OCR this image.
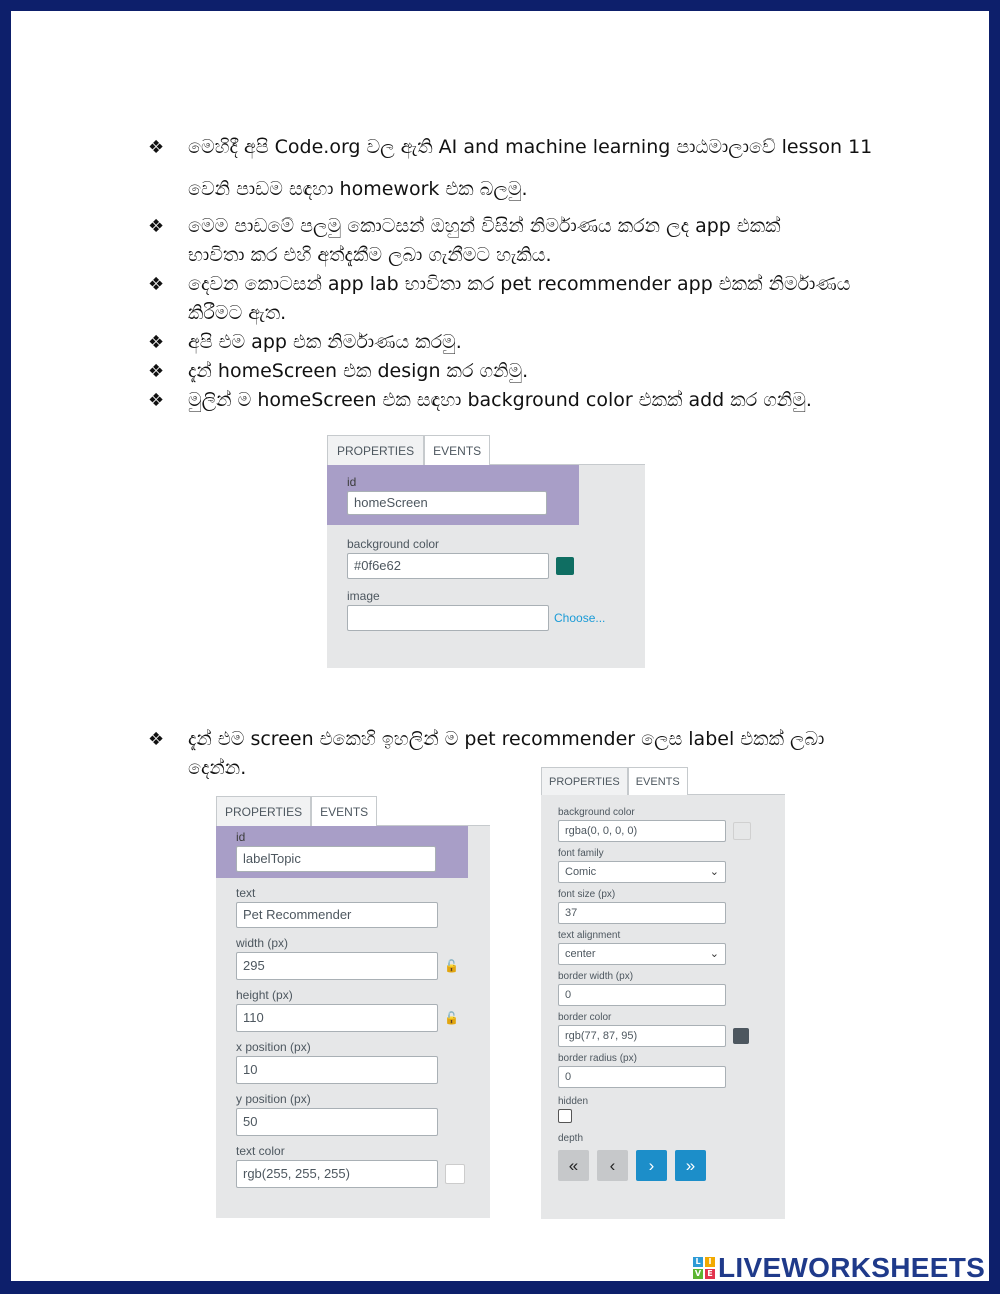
❖ මෙහිදී අපි Code.org වල ඇති AI and machine learning පාඨමාලාවේ lesson 11
වෙනි පාඩම සඳහා homework එක බලමු.
❖ මෙම පාඩමේ පලමු කොටසන් ඔහුන් විසින් නිර්මාණය කරන ලද app එකක්
භාවිතා කර එහි අත්දැකීම ලබා ගැනීමට හැකිය.
❖ දෙවන කොටසන් app lab භාවිතා කර pet recommender app එකක් නිර්මාණය
කිරීමට ඇත.
❖ අපි එම app එක නිර්මාණය කරමු.
❖ දැන් homeScreen එක design කර ගනිමු.
❖ මුලින් ම homeScreen එක සඳහා background color එකක් add කර ගනිමු.
PROPERTIES	EVENTS
id
homeScreen
background color
#0f6e62
image
Choose...
❖ දැන් එම screen එකෙහි ඉහලින් ම pet recommender ලෙස label එකක් ලබා
දෙන්න.
PROPERTIES	EVENTS
id
labelTopic
text
Pet Recommender
width (px)
295	🔓
height (px)
110	🔓
x position (px)
10
y position (px)
50
text color
rgb(255, 255, 255)
PROPERTIES	EVENTS
background color
rgba(0, 0, 0, 0)
font family
Comic	⌄
font size (px)
37
text alignment
center	⌄
border width (px)
0
border color
rgb(77, 87, 95)
border radius (px)
0
hidden
depth
«	‹	›	»
L I
V E LIVEWORKSHEETS
